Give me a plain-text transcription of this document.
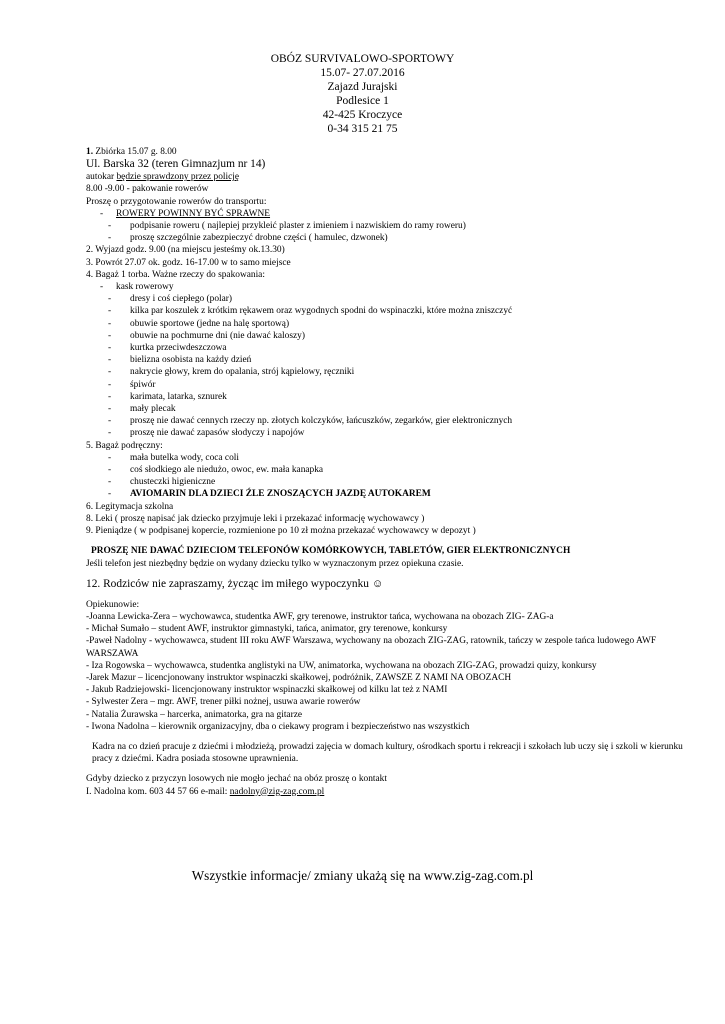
OBÓZ SURVIVALOWO-SPORTOWY
15.07- 27.07.2016
Zajazd Jurajski
Podlesice 1
42-425 Kroczyce
0-34 315 21 75
1. Zbiórka 15.07 g. 8.00
Ul. Barska 32 (teren Gimnazjum nr 14)
autokar będzie sprawdzony przez policję
8.00 -9.00 - pakowanie rowerów
Proszę o przygotowanie rowerów do transportu:
-	ROWERY POWINNY BYĆ SPRAWNE
-	podpisanie roweru ( najlepiej przykleić plaster z imieniem i nazwiskiem do ramy roweru)
-	proszę szczególnie zabezpieczyć drobne części ( hamulec, dzwonek)
2. Wyjazd godz. 9.00 (na miejscu jesteśmy ok.13.30)
3. Powrót 27.07 ok. godz. 16-17.00 w to samo miejsce
4. Bagaż 1 torba. Ważne rzeczy do spakowania:
-	kask rowerowy
-	dresy i coś ciepłego (polar)
-	kilka par koszulek z krótkim rękawem oraz wygodnych spodni do wspinaczki, które można zniszczyć
-	obuwie sportowe (jedne na halę sportową)
-	obuwie na pochmurne dni (nie dawać kaloszy)
-	kurtka przeciwdeszczowa
-	bielizna osobista na każdy dzień
-	nakrycie głowy, krem do opalania, strój kąpielowy, ręczniki
-	śpiwór
-	karimata, latarka, sznurek
-	mały plecak
-	proszę nie dawać cennych rzeczy np. złotych kolczyków, łańcuszków, zegarków, gier elektronicznych
-	proszę nie dawać zapasów słodyczy i napojów
5. Bagaż podręczny:
-	mała butelka wody, coca coli
-	coś słodkiego ale niedużo, owoc, ew. mała kanapka
-	chusteczki higieniczne
-	AVIOMARIN DLA DZIECI ŹLE ZNOSZĄCYCH JAZDĘ AUTOKAREM
6. Legitymacja szkolna
8. Leki ( proszę napisać jak dziecko przyjmuje leki i przekazać informację wychowawcy )
9. Pieniądze ( w podpisanej kopercie, rozmienione po 10 zł można przekazać wychowawcy w depozyt )
PROSZĘ NIE DAWAĆ DZIECIOM TELEFONÓW KOMÓRKOWYCH, TABLETÓW, GIER ELEKTRONICZNYCH
Jeśli telefon jest niezbędny będzie on wydany dziecku tylko w wyznaczonym przez opiekuna czasie.
12. Rodziców nie zapraszamy, życząc im miłego wypoczynku ☺
Opiekunowie:
-Joanna Lewicka-Zera – wychowawca, studentka AWF, gry terenowe, instruktor tańca, wychowana na obozach ZIG- ZAG-a
- Michał Sumało – student AWF, instruktor gimnastyki, tańca, animator, gry terenowe, konkursy
-Paweł Nadolny - wychowawca, student III roku AWF Warszawa, wychowany na obozach ZIG-ZAG, ratownik, tańczy w zespole tańca ludowego AWF WARSZAWA
- Iza Rogowska – wychowawca, studentka anglistyki na UW, animatorka, wychowana na obozach ZIG-ZAG, prowadzi quizy, konkursy
-Jarek Mazur – licencjonowany instruktor wspinaczki skałkowej, podróżnik, ZAWSZE Z NAMI NA OBOZACH
- Jakub Radziejowski- licencjonowany instruktor wspinaczki skałkowej od kilku lat też z NAMI
- Sylwester Zera – mgr. AWF, trener piłki nożnej, usuwa awarie rowerów
- Natalia Żurawska – harcerka, animatorka, gra na gitarze
- Iwona Nadolna – kierownik organizacyjny, dba o ciekawy program i bezpieczeństwo nas wszystkich
Kadra na co dzień pracuje z dziećmi i młodzieżą, prowadzi zajęcia w domach kultury, ośrodkach sportu i rekreacji i szkołach lub uczy się i szkoli w kierunku pracy z dziećmi. Kadra posiada stosowne uprawnienia.
Gdyby dziecko z przyczyn losowych nie mogło jechać na obóz proszę o kontakt
I. Nadolna kom. 603 44 57 66 e-mail: nadolny@zig-zag.com.pl
Wszystkie informacje/ zmiany ukażą się na www.zig-zag.com.pl
